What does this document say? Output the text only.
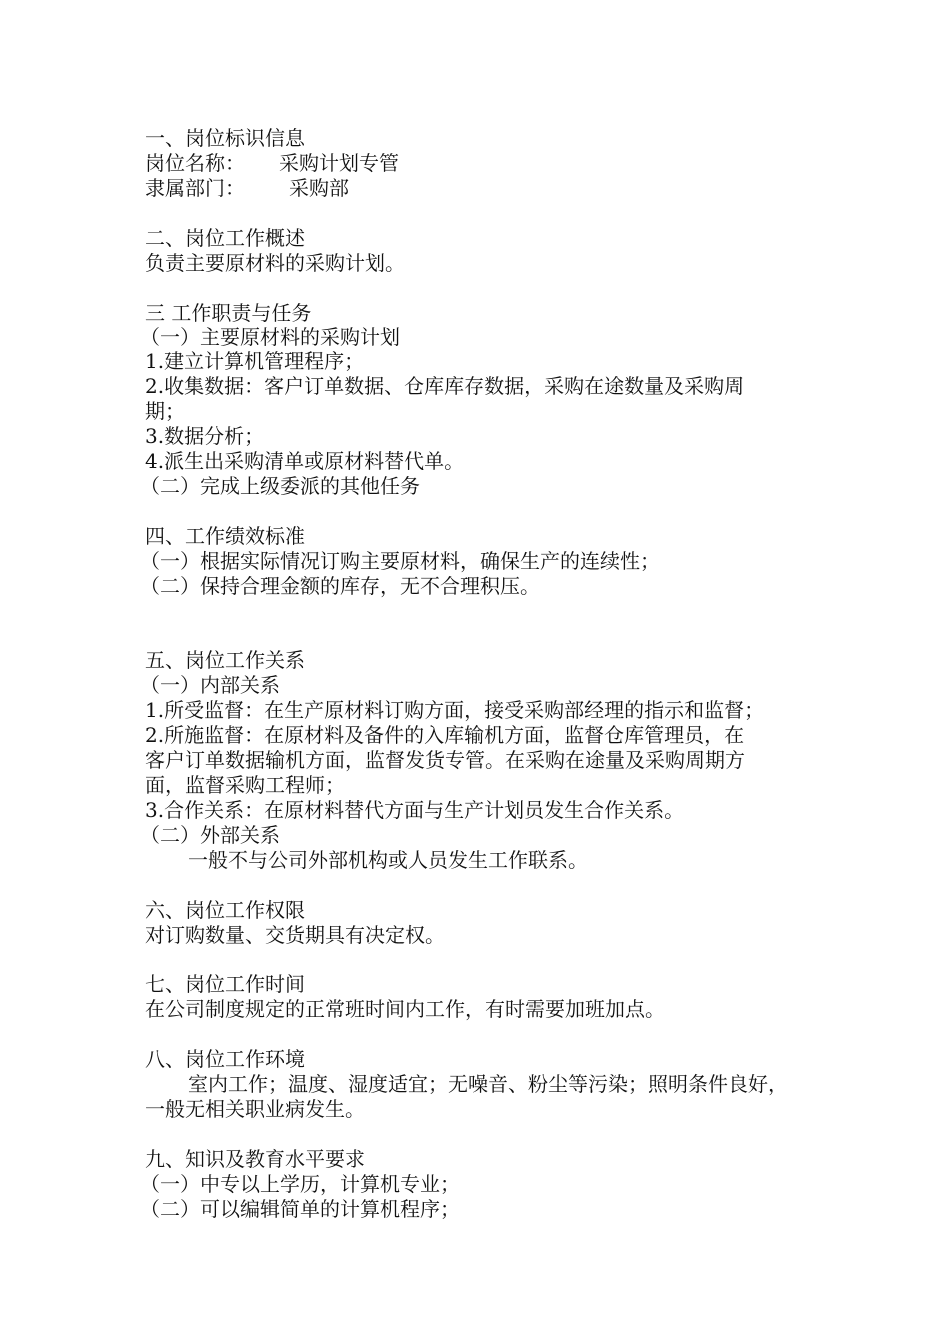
一、岗位标识信息
岗位名称： 采购计划专管
隶属部门： 采购部
二、岗位工作概述
负责主要原材料的采购计划。
三 工作职责与任务
（一）主要原材料的采购计划
1.建立计算机管理程序；
2.收集数据：客户订单数据、仓库库存数据，采购在途数量及采购周
期；
3.数据分析；
4.派生出采购清单或原材料替代单。
（二）完成上级委派的其他任务
四、工作绩效标准
（一）根据实际情况订购主要原材料，确保生产的连续性；
（二）保持合理金额的库存，无不合理积压。
五、岗位工作关系
（一）内部关系
1.所受监督：在生产原材料订购方面，接受采购部经理的指示和监督；
2.所施监督：在原材料及备件的入库输机方面，监督仓库管理员，在
客户订单数据输机方面，监督发货专管。在采购在途量及采购周期方
面，监督采购工程师；
3.合作关系：在原材料替代方面与生产计划员发生合作关系。
（二）外部关系
一般不与公司外部机构或人员发生工作联系。
六、岗位工作权限
对订购数量、交货期具有决定权。
七、岗位工作时间
在公司制度规定的正常班时间内工作，有时需要加班加点。
八、岗位工作环境
室内工作；温度、湿度适宜；无噪音、粉尘等污染；照明条件良好，
一般无相关职业病发生。
九、知识及教育水平要求
（一）中专以上学历，计算机专业；
（二）可以编辑简单的计算机程序；
